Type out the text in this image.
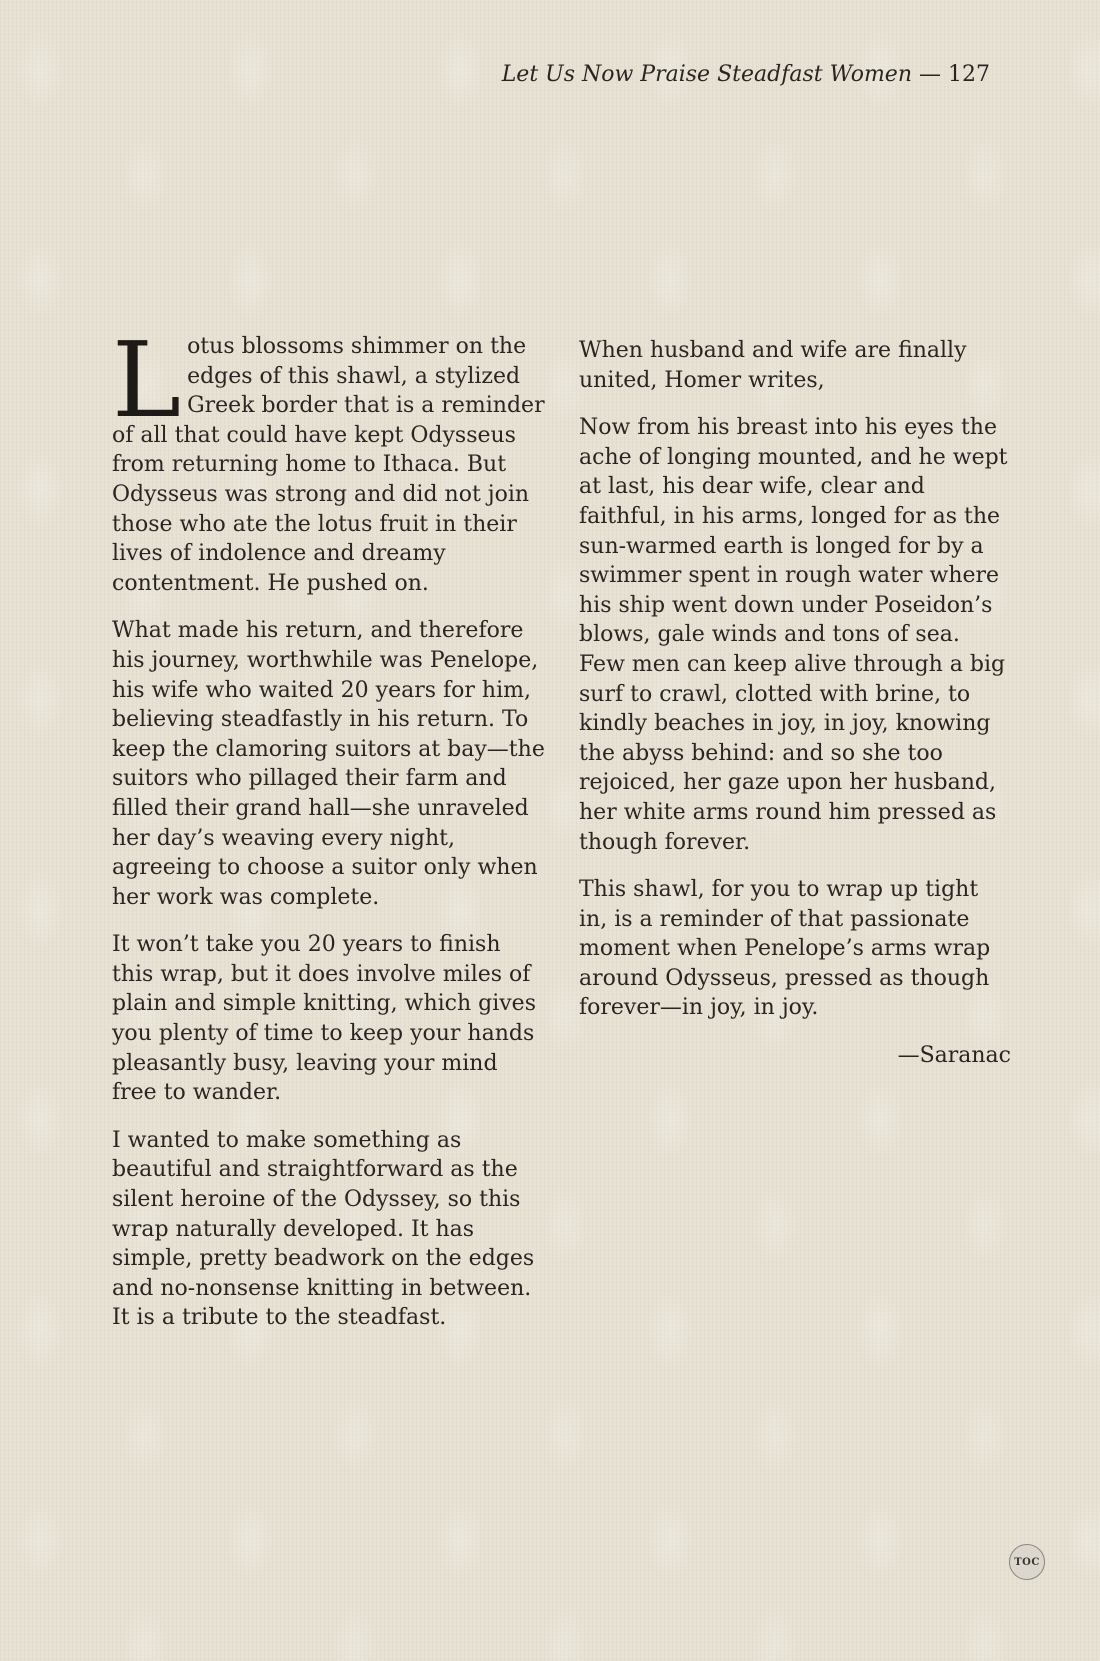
Let Us Now Praise Steadfast Women — 127

Lotus blossoms shimmer on the edges of this shawl, a stylized Greek border that is a reminder of all that could have kept Odysseus from returning home to Ithaca. But Odysseus was strong and did not join those who ate the lotus fruit in their lives of indolence and dreamy contentment. He pushed on.

What made his return, and therefore his journey, worthwhile was Penelope, his wife who waited 20 years for him, believing steadfastly in his return. To keep the clamoring suitors at bay—the suitors who pillaged their farm and filled their grand hall—she unraveled her day’s weaving every night, agreeing to choose a suitor only when her work was complete.

It won’t take you 20 years to finish this wrap, but it does involve miles of plain and simple knitting, which gives you plenty of time to keep your hands pleasantly busy, leaving your mind free to wander.

I wanted to make something as beautiful and straightforward as the silent heroine of the Odyssey, so this wrap naturally developed. It has simple, pretty beadwork on the edges and no-nonsense knitting in between. It is a tribute to the steadfast.

When husband and wife are finally united, Homer writes,

Now from his breast into his eyes the ache of longing mounted, and he wept at last, his dear wife, clear and faithful, in his arms, longed for as the sun-warmed earth is longed for by a swimmer spent in rough water where his ship went down under Poseidon’s blows, gale winds and tons of sea. Few men can keep alive through a big surf to crawl, clotted with brine, to kindly beaches in joy, in joy, knowing the abyss behind: and so she too rejoiced, her gaze upon her husband, her white arms round him pressed as though forever.

This shawl, for you to wrap up tight in, is a reminder of that passionate moment when Penelope’s arms wrap around Odysseus, pressed as though forever—in joy, in joy.

—Saranac

TOC
